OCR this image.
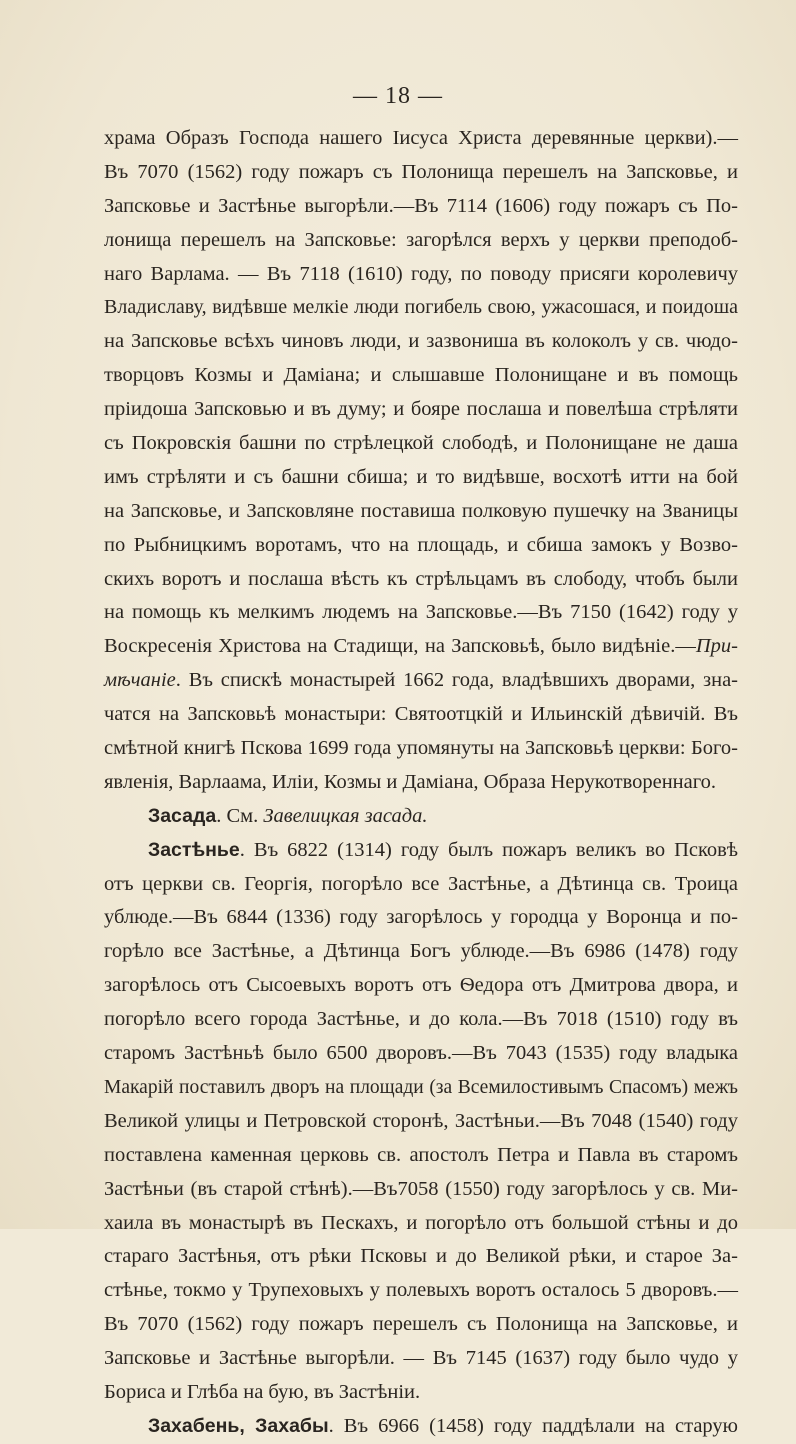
— 18 —
храма Образъ Господа нашего Іисуса Христа деревянные церкви).—
Въ 7070 (1562) году пожаръ съ Полонища перешелъ на Запсковье, и
Запсковье и Застѣнье выгорѣли.—Въ 7114 (1606) году пожаръ съ По-
лонища перешелъ на Запсковье: загорѣлся верхъ у церкви преподоб-
наго Варлама. — Въ 7118 (1610) году, по поводу присяги королевичу
Владиславу, видѣвше мелкіе люди погибель свою, ужасошася, и поидоша
на Запсковье всѣхъ чиновъ люди, и зазвониша въ колоколъ у св. чюдо-
творцовъ Козмы и Даміана; и слышавше Полонищане и въ помощь
пріидоша Запсковью и въ думу; и бояре послаша и повелѣша стрѣляти
съ Покровскія башни по стрѣлецкой слободѣ, и Полонищане не даша
имъ стрѣляти и съ башни сбиша; и то видѣвше, восхотѣ итти на бой
на Запсковье, и Запсковляне поставиша полковую пушечку на Званицы
по Рыбницкимъ воротамъ, что на площадь, и сбиша замокъ у Возво-
скихъ воротъ и послаша вѣсть къ стрѣльцамъ въ слободу, чтобъ были
на помощь къ мелкимъ людемъ на Запсковье.—Въ 7150 (1642) году у
Воскресенія Христова на Стадищи, на Запсковьѣ, было видѣніе.—При-
мѣчаніе. Въ спискѣ монастырей 1662 года, владѣвшихъ дворами, зна-
чатся на Запсковьѣ монастыри: Святоотцкій и Ильинскій дѣвичій. Въ
смѣтной книгѣ Пскова 1699 года упомянуты на Запсковьѣ церкви: Бого-
явленія, Варлаама, Иліи, Козмы и Даміана, Образа Нерукотвореннаго.
Засада. См. Завелицкая засада.
Застѣнье. Въ 6822 (1314) году былъ пожаръ великъ во Псковѣ
отъ церкви св. Георгія, погорѣло все Застѣнье, а Дѣтинца св. Троица
ублюде.—Въ 6844 (1336) году загорѣлось у городца у Воронца и по-
горѣло все Застѣнье, а Дѣтинца Богъ ублюде.—Въ 6986 (1478) году
загорѣлось отъ Сысоевыхъ воротъ отъ Ѳедора отъ Дмитрова двора, и
погорѣло всего города Застѣнье, и до кола.—Въ 7018 (1510) году въ
старомъ Застѣньѣ было 6500 дворовъ.—Въ 7043 (1535) году владыка
Макарій поставилъ дворъ на площади (за Всемилостивымъ Спасомъ) межъ
Великой улицы и Петровской сторонѣ, Застѣньи.—Въ 7048 (1540) году
поставлена каменная церковь св. апостолъ Петра и Павла въ старомъ
Застѣньи (въ старой стѣнѣ).—Въ7058 (1550) году загорѣлось у св. Ми-
хаила въ монастырѣ въ Пескахъ, и погорѣло отъ большой стѣны и до
стараго Застѣнья, отъ рѣки Псковы и до Великой рѣки, и старое За-
стѣнье, токмо у Трупеховыхъ у полевыхъ воротъ осталось 5 дворовъ.—
Въ 7070 (1562) году пожаръ перешелъ съ Полонища на Запсковье, и
Запсковье и Застѣнье выгорѣли. — Въ 7145 (1637) году было чудо у
Бориса и Глѣба на бую, въ Застѣніи.
Захабень, Захабы. Въ 6966 (1458) году паддѣлали на старую
